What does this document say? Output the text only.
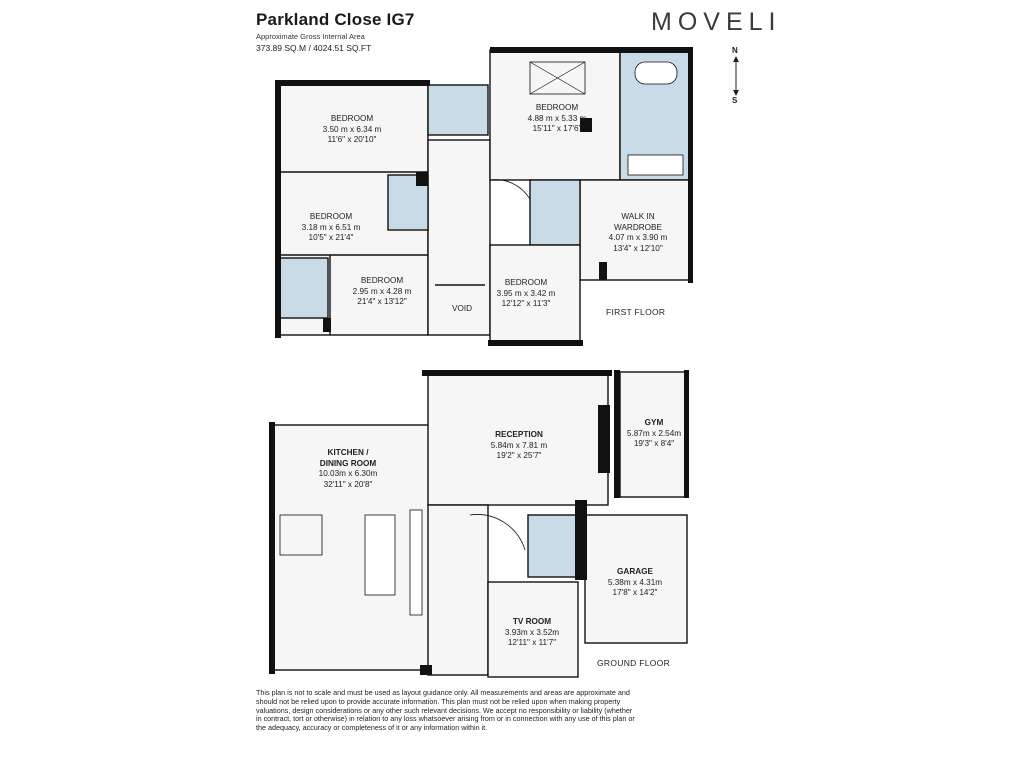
Parkland Close IG7
Approximate Gross Internal Area
373.89 SQ.M / 4024.51 SQ.FT
MOVELI
N
S
BEDROOM
3.50 m x 6.34 m
11'6" x 20'10"
BEDROOM
4.88 m x 5.33 m
15'11" x 17'6"
BEDROOM
3.18 m x 6.51 m
10'5" x 21'4"
BEDROOM
2.95 m x 4.28 m
21'4" x 13'12"
BEDROOM
3.95 m x 3.42 m
12'12" x 11'3"
WALK IN
WARDROBE
4.07 m x 3.90 m
13'4" x 12'10"
VOID	FIRST FLOOR
KITCHEN /
DINING ROOM
10.03m x 6.30m
32'11" x 20'8"
RECEPTION
5.84m x 7.81 m
19'2" x 25'7"
GYM
5.87m x 2.54m
19'3" x 8'4"
GARAGE
5.38m x 4.31m
17'8" x 14'2"
TV ROOM
3.93m x 3.52m
12'11" x 11'7"
GROUND FLOOR
This plan is not to scale and must be used as layout guidance only. All measurements and areas are approximate and should not be relied upon to provide accurate information. This plan must not be relied upon when making property valuations, design considerations or any other such relevant decisions. We accept no responsibility or liability (whether in contract, tort or otherwise) in relation to any loss whatsoever arising from or in connection with any use of this plan or the adequacy, accuracy or completeness of it or any information within it.
